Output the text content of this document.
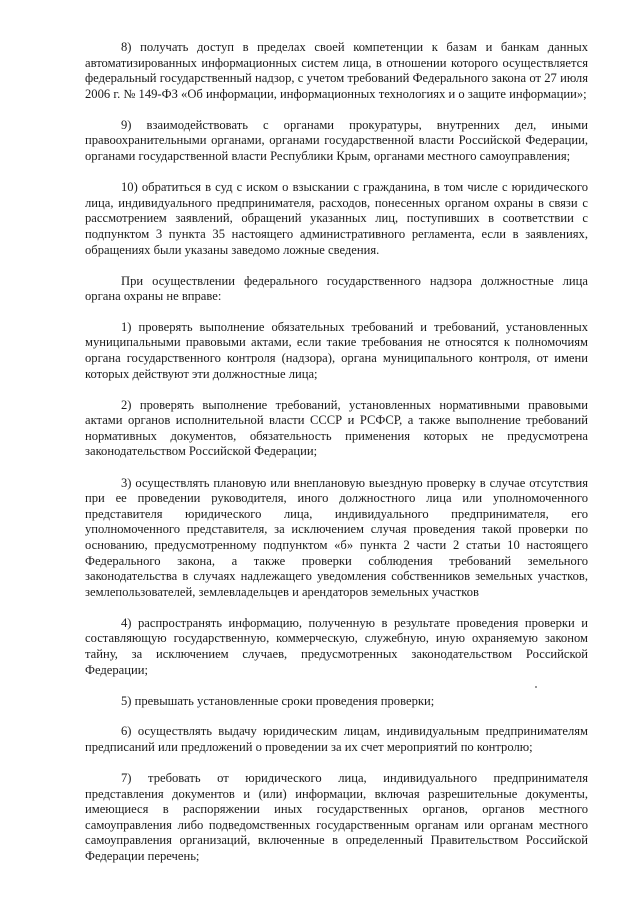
8) получать доступ в пределах своей компетенции к базам и банкам данных автоматизированных информационных систем лица, в отношении которого осуществляется федеральный государственный надзор, с учетом требований Федерального закона от 27 июля 2006 г. № 149-ФЗ «Об информации, информационных технологиях и о защите информации»;

9) взаимодействовать с органами прокуратуры, внутренних дел, иными правоохранительными органами, органами государственной власти Российской Федерации, органами государственной власти Республики Крым, органами местного самоуправления;

10) обратиться в суд с иском о взыскании с гражданина, в том числе с юридического лица, индивидуального предпринимателя, расходов, понесенных органом охраны в связи с рассмотрением заявлений, обращений указанных лиц, поступивших в соответствии с подпунктом 3 пункта 35 настоящего административного регламента, если в заявлениях, обращениях были указаны заведомо ложные сведения.

При осуществлении федерального государственного надзора должностные лица органа охраны не вправе:

1) проверять выполнение обязательных требований и требований, установленных муниципальными правовыми актами, если такие требования не относятся к полномочиям органа государственного контроля (надзора), органа муниципального контроля, от имени которых действуют эти должностные лица;

2) проверять выполнение требований, установленных нормативными правовыми актами органов исполнительной власти СССР и РСФСР, а также выполнение требований нормативных документов, обязательность применения которых не предусмотрена законодательством Российской Федерации;

3) осуществлять плановую или внеплановую выездную проверку в случае отсутствия при ее проведении руководителя, иного должностного лица или уполномоченного представителя юридического лица, индивидуального предпринимателя, его уполномоченного представителя, за исключением случая проведения такой проверки по основанию, предусмотренному подпунктом «б» пункта 2 части 2 статьи 10 настоящего Федерального закона, а также проверки соблюдения требований земельного законодательства в случаях надлежащего уведомления собственников земельных участков, землепользователей, землевладельцев и арендаторов земельных участков

4) распространять информацию, полученную в результате проведения проверки и составляющую государственную, коммерческую, служебную, иную охраняемую законом тайну, за исключением случаев, предусмотренных законодательством Российской Федерации;

5) превышать установленные сроки проведения проверки;

6) осуществлять выдачу юридическим лицам, индивидуальным предпринимателям предписаний или предложений о проведении за их счет мероприятий по контролю;

7) требовать от юридического лица, индивидуального предпринимателя представления документов и (или) информации, включая разрешительные документы, имеющиеся в распоряжении иных государственных органов, органов местного самоуправления либо подведомственных государственным органам или органам местного самоуправления организаций, включенные в определенный Правительством Российской Федерации перечень;
